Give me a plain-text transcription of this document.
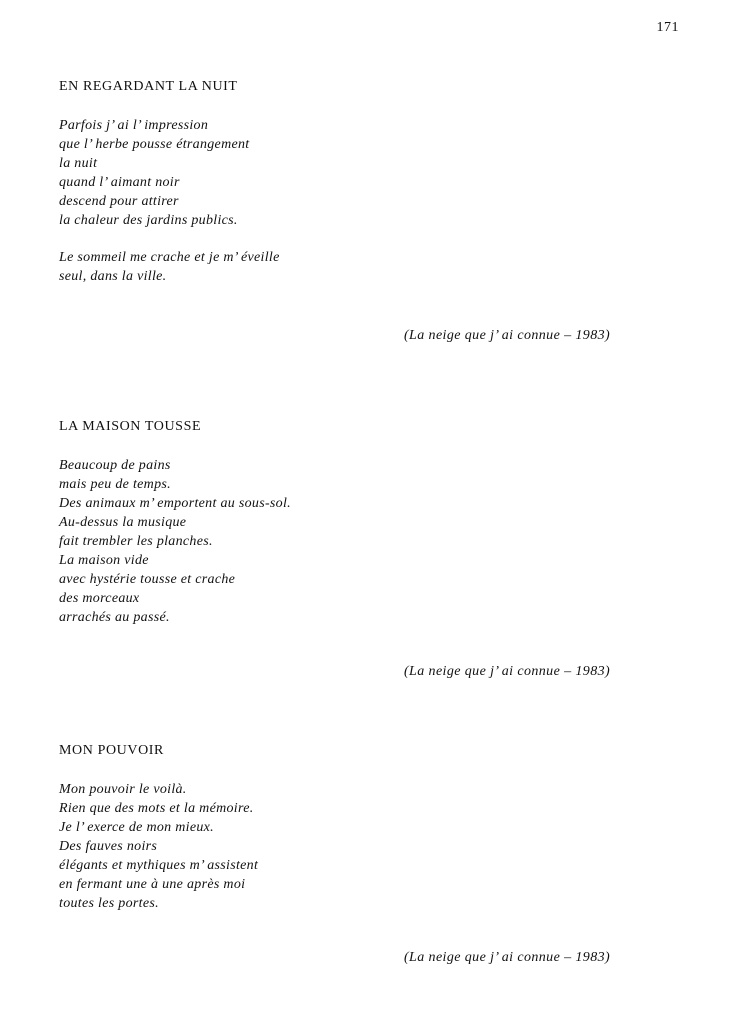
171
EN REGARDANT LA NUIT
Parfois j’ ai l’ impression
que l’ herbe pousse étrangement
la nuit
quand l’ aimant noir
descend pour attirer
la chaleur des jardins publics.
Le sommeil me crache et je m’ éveille
seul, dans la ville.
(La neige que j’ ai connue – 1983)
LA MAISON TOUSSE
Beaucoup de pains
mais peu de temps.
Des animaux m’ emportent au sous-sol.
Au-dessus la musique
fait trembler les planches.
La maison vide
avec hystérie tousse et crache
des morceaux
arrachés au passé.
(La neige que j’ ai connue – 1983)
MON POUVOIR
Mon pouvoir le voilà.
Rien que des mots et la mémoire.
Je l’ exerce de mon mieux.
Des fauves noirs
élégants et mythiques m’ assistent
en fermant une à une après moi
toutes les portes.
(La neige que j’ ai connue – 1983)
